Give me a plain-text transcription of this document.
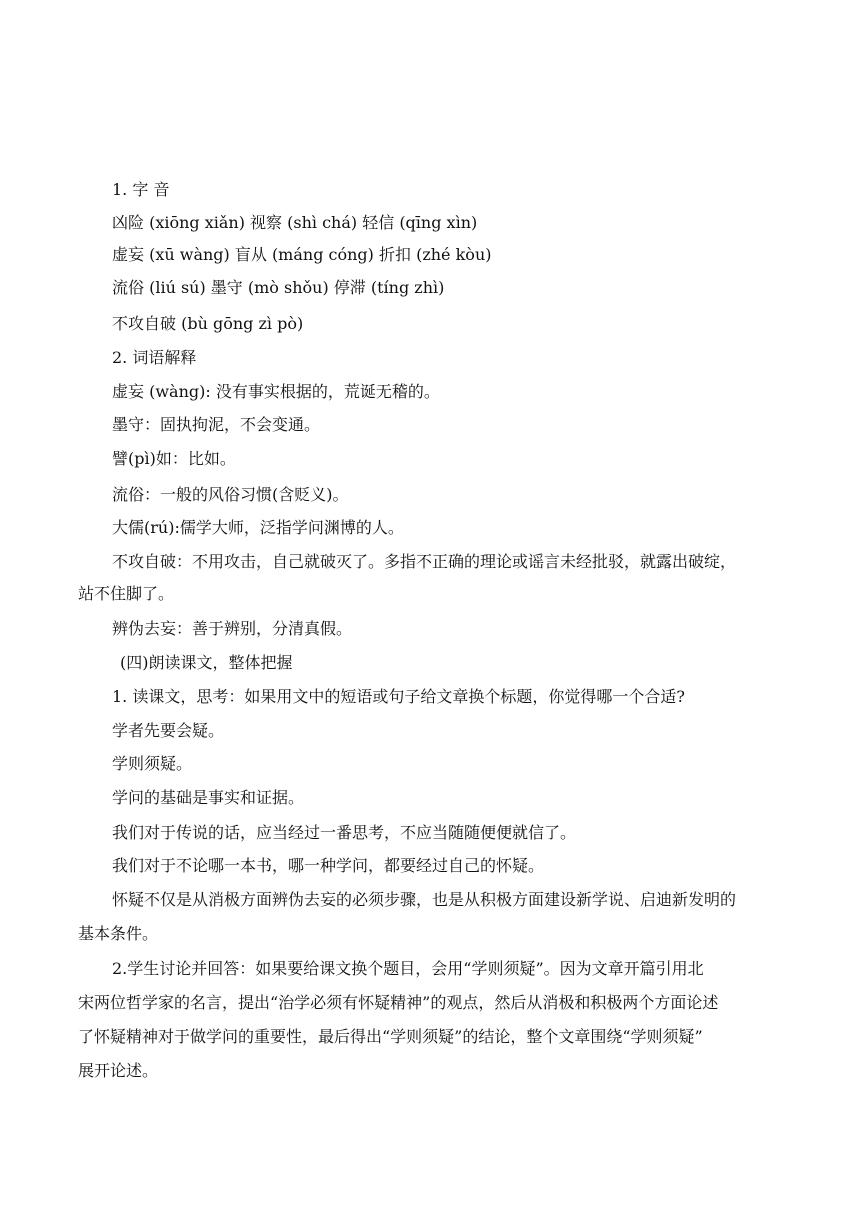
1. 字 音
凶险 (xiōng xiǎn) 视察 (shì chá) 轻信 (qīng xìn)
虚妄 (xū wàng) 盲从 (máng cóng) 折扣 (zhé kòu)
流俗 (liú sú) 墨守 (mò shǒu) 停滞 (tíng zhì)
不攻自破 (bù gōng zì pò)
2. 词语解释
虚妄 (wàng): 没有事实根据的，荒诞无稽的。
墨守：固执拘泥，不会变通。
譬(pì)如：比如。
流俗：一般的风俗习惯(含贬义)。
大儒(rú):儒学大师，泛指学问渊博的人。
不攻自破：不用攻击，自己就破灭了。多指不正确的理论或谣言未经批驳，就露出破绽，
站不住脚了。
辨伪去妄：善于辨别，分清真假。
(四)朗读课文，整体把握
1. 读课文，思考：如果用文中的短语或句子给文章换个标题，你觉得哪一个合适?
学者先要会疑。
学则须疑。
学问的基础是事实和证据。
我们对于传说的话，应当经过一番思考，不应当随随便便就信了。
我们对于不论哪一本书，哪一种学问，都要经过自己的怀疑。
怀疑不仅是从消极方面辨伪去妄的必须步骤，也是从积极方面建设新学说、启迪新发明的
基本条件。
2.学生讨论并回答：如果要给课文换个题目，会用“学则须疑”。因为文章开篇引用北
宋两位哲学家的名言，提出“治学必须有怀疑精神”的观点，然后从消极和积极两个方面论述
了怀疑精神对于做学问的重要性，最后得出“学则须疑”的结论，整个文章围绕“学则须疑”
展开论述。
